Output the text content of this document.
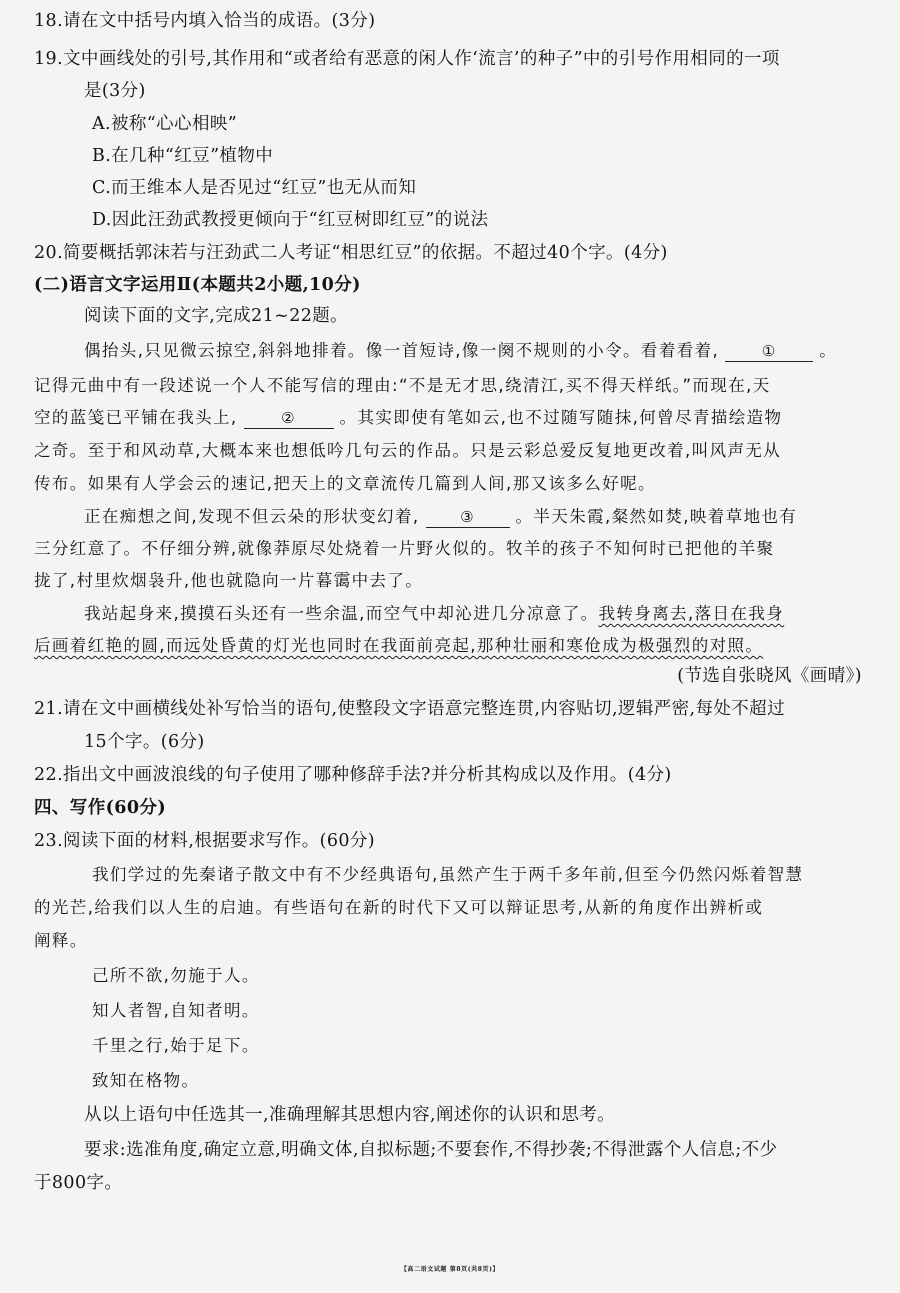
18.请在文中括号内填入恰当的成语。(3分)
19.文中画线处的引号,其作用和“或者给有恶意的闲人作‘流言’的种子”中的引号作用相同的一项
是(3分)
A.被称“心心相映”
B.在几种“红豆”植物中
C.而王维本人是否见过“红豆”也无从而知
D.因此汪劲武教授更倾向于“红豆树即红豆”的说法
20.简要概括郭沫若与汪劲武二人考证“相思红豆”的依据。不超过40个字。(4分)
(二)语言文字运用Ⅱ(本题共2小题,10分)
阅读下面的文字,完成21~22题。
偶抬头,只见微云掠空,斜斜地排着。像一首短诗,像一阕不规则的小令。看着看着,	①	。
记得元曲中有一段述说一个人不能写信的理由:“不是无才思,绕清江,买不得天样纸。”而现在,天
空的蓝笺已平铺在我头上,	②	。其实即使有笔如云,也不过随写随抹,何曾尽青描绘造物
之奇。至于和风动草,大概本来也想低吟几句云的作品。只是云彩总爱反复地更改着,叫风声无从
传布。如果有人学会云的速记,把天上的文章流传几篇到人间,那又该多么好呢。
正在痴想之间,发现不但云朵的形状变幻着,	③ 。半天朱霞,粲然如焚,映着草地也有
三分红意了。不仔细分辨,就像莽原尽处烧着一片野火似的。牧羊的孩子不知何时已把他的羊聚
拢了,村里炊烟袅升,他也就隐向一片暮霭中去了。
我站起身来,摸摸石头还有一些余温,而空气中却沁进几分凉意了。我转身离去,落日在我身
后画着红艳的圆,而远处昏黄的灯光也同时在我面前亮起,那种壮丽和寒伧成为极强烈的对照。
(节选自张晓风《画晴》)
21.请在文中画横线处补写恰当的语句,使整段文字语意完整连贯,内容贴切,逻辑严密,每处不超过
15个字。(6分)
22.指出文中画波浪线的句子使用了哪种修辞手法?并分析其构成以及作用。(4分)
四、写作(60分)
23.阅读下面的材料,根据要求写作。(60分)
我们学过的先秦诸子散文中有不少经典语句,虽然产生于两千多年前,但至今仍然闪烁着智慧
的光芒,给我们以人生的启迪。有些语句在新的时代下又可以辩证思考,从新的角度作出辨析或
阐释。
己所不欲,勿施于人。
知人者智,自知者明。
千里之行,始于足下。
致知在格物。
从以上语句中任选其一,准确理解其思想内容,阐述你的认识和思考。
要求:选准角度,确定立意,明确文体,自拟标题;不要套作,不得抄袭;不得泄露个人信息;不少
于800字。
【高二语文试题 第8页(共8页)】
